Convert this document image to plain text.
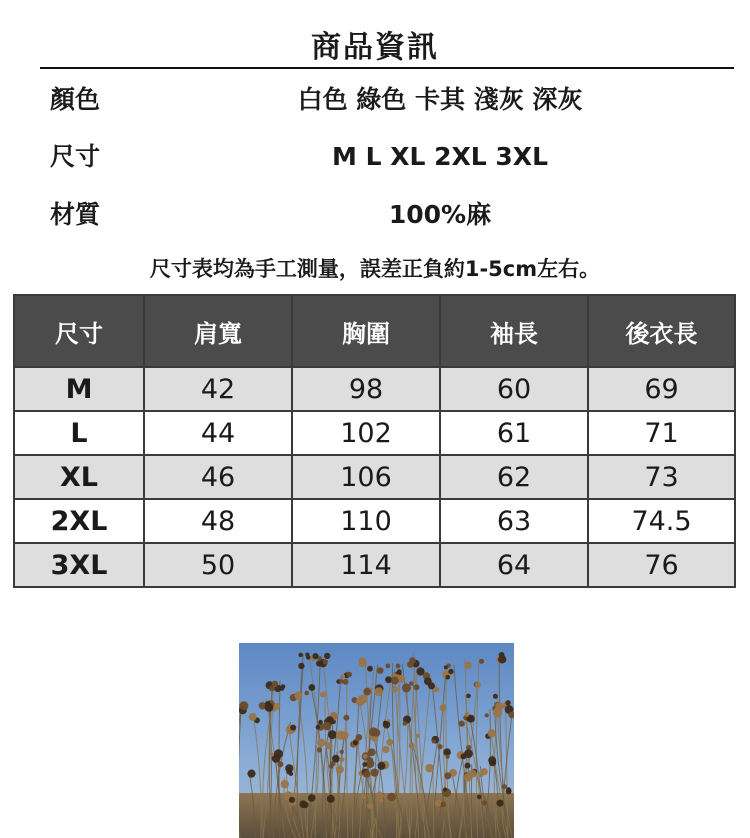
商品資訊
顏色	白色 綠色 卡其 淺灰 深灰
尺寸	M L XL 2XL 3XL
材質	100%麻
尺寸表均為手工測量，誤差正負約1-5cm左右。
尺寸	肩寬	胸圍	袖長	後衣長
M	42	98	60	69
L	44	102	61	71
XL	46	106	62	73
2XL	48	110	63	74.5
3XL	50	114	64	76
